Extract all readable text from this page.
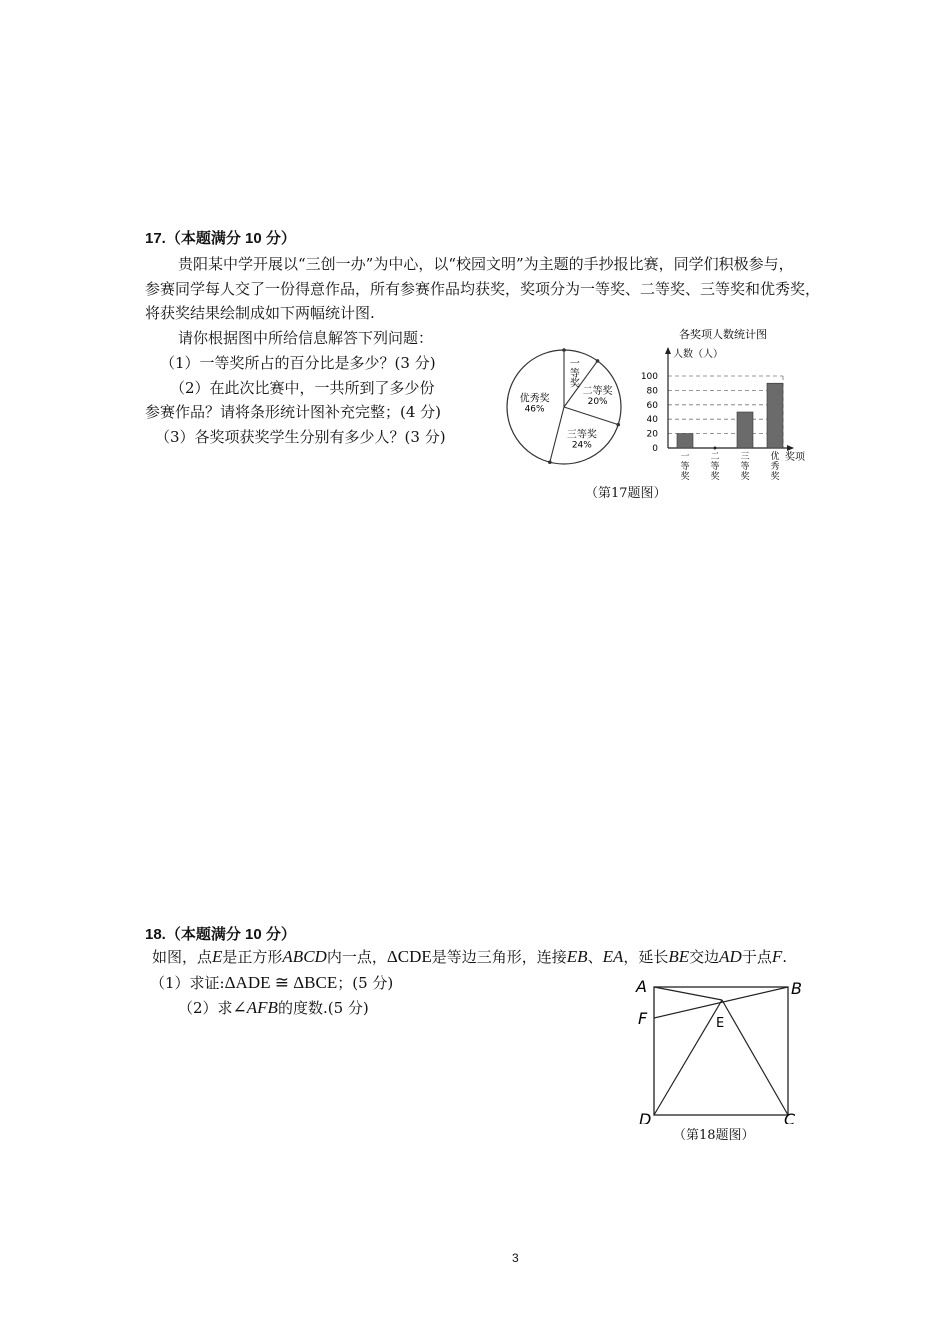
17.（本题满分 10 分）
贵阳某中学开展以“三创一办”为中心，以“校园文明”为主题的手抄报比赛，同学们积极参与，
参赛同学每人交了一份得意作品，所有参赛作品均获奖，奖项分为一等奖、二等奖、三等奖和优秀奖，
将获奖结果绘制成如下两幅统计图.
请你根据图中所给信息解答下列问题：
（1）一等奖所占的百分比是多少？(3 分)
（2）在此次比赛中，一共所到了多少份
参赛作品？请将条形统计图补充完整；(4 分)
（3）各奖项获奖学生分别有多少人？(3 分)
一
等
奖
二等奖
20%
三等奖
24%
优秀奖
46%
各奖项人数统计图
人数（人）
奖项
0
20
40
60
80
100
一
等
奖
二
等
奖
三
等
奖
优
秀
奖
（第17题图）
18.（本题满分 10 分）
如图，点E是正方形ABCD内一点，ΔCDE是等边三角形，连接EB、EA，延长BE交边AD于点F.
（1）求证:ΔADE ≅ ΔBCE；(5 分)
（2）求∠AFB的度数.(5 分)
A	B
C
D
E
F
（第18题图）
3
